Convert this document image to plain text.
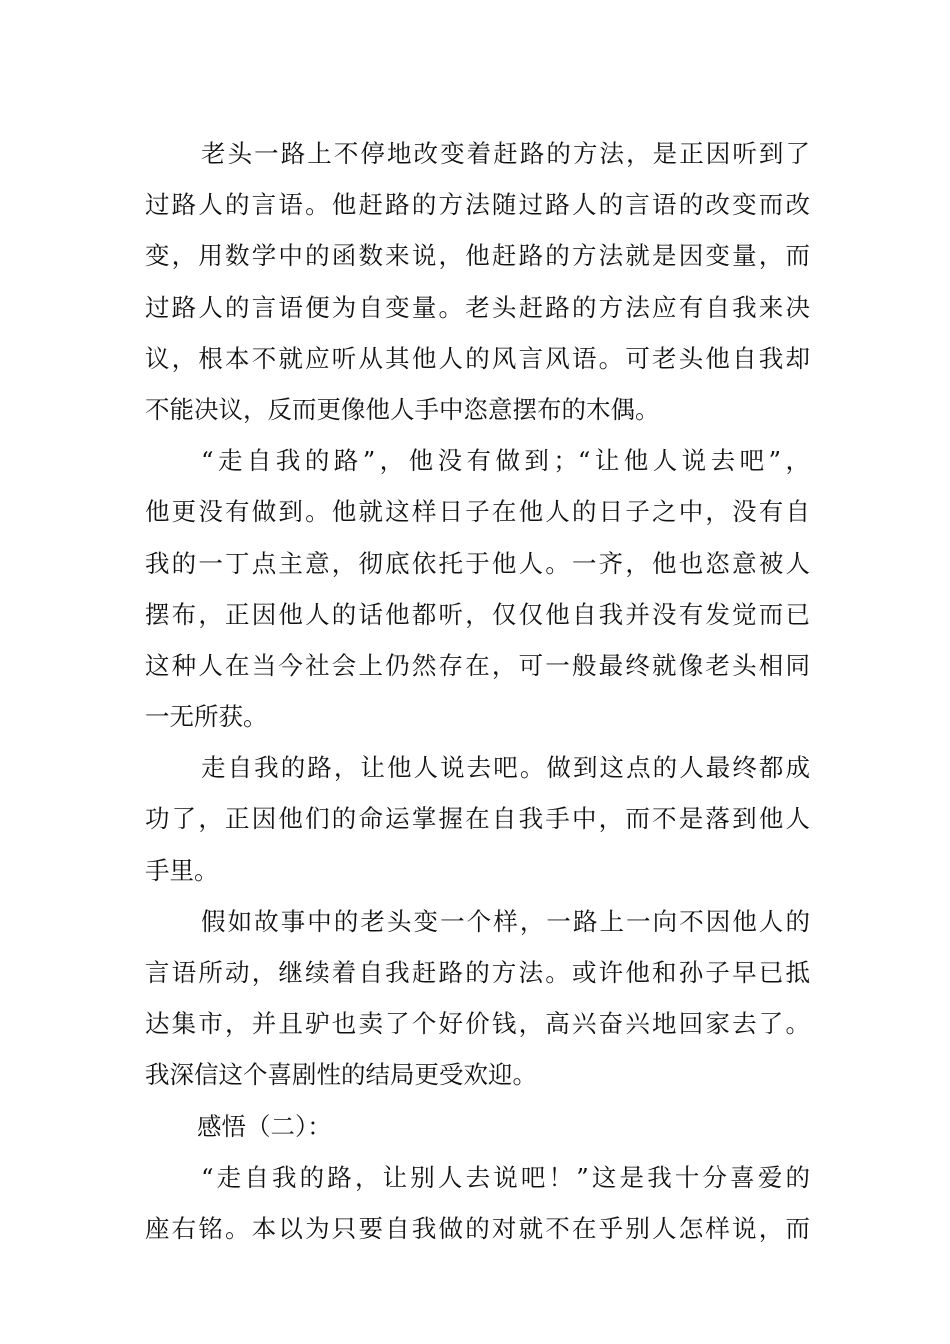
老头一路上不停地改变着赶路的方法，是正因听到了
过路人的言语。他赶路的方法随过路人的言语的改变而改
变，用数学中的函数来说，他赶路的方法就是因变量，而
过路人的言语便为自变量。老头赶路的方法应有自我来决
议，根本不就应听从其他人的风言风语。可老头他自我却
不能决议，反而更像他人手中恣意摆布的木偶。
“走自我的路”，他没有做到；“让他人说去吧”，
他更没有做到。他就这样日子在他人的日子之中，没有自
我的一丁点主意，彻底依托于他人。一齐，他也恣意被人
摆布，正因他人的话他都听，仅仅他自我并没有发觉而已
这种人在当今社会上仍然存在，可一般最终就像老头相同
一无所获。
走自我的路，让他人说去吧。做到这点的人最终都成
功了，正因他们的命运掌握在自我手中，而不是落到他人
手里。
假如故事中的老头变一个样，一路上一向不因他人的
言语所动，继续着自我赶路的方法。或许他和孙子早已抵
达集市，并且驴也卖了个好价钱，高兴奋兴地回家去了。
我深信这个喜剧性的结局更受欢迎。
感悟（二）：
“走自我的路，让别人去说吧！”这是我十分喜爱的
座右铭。本以为只要自我做的对就不在乎别人怎样说，而
